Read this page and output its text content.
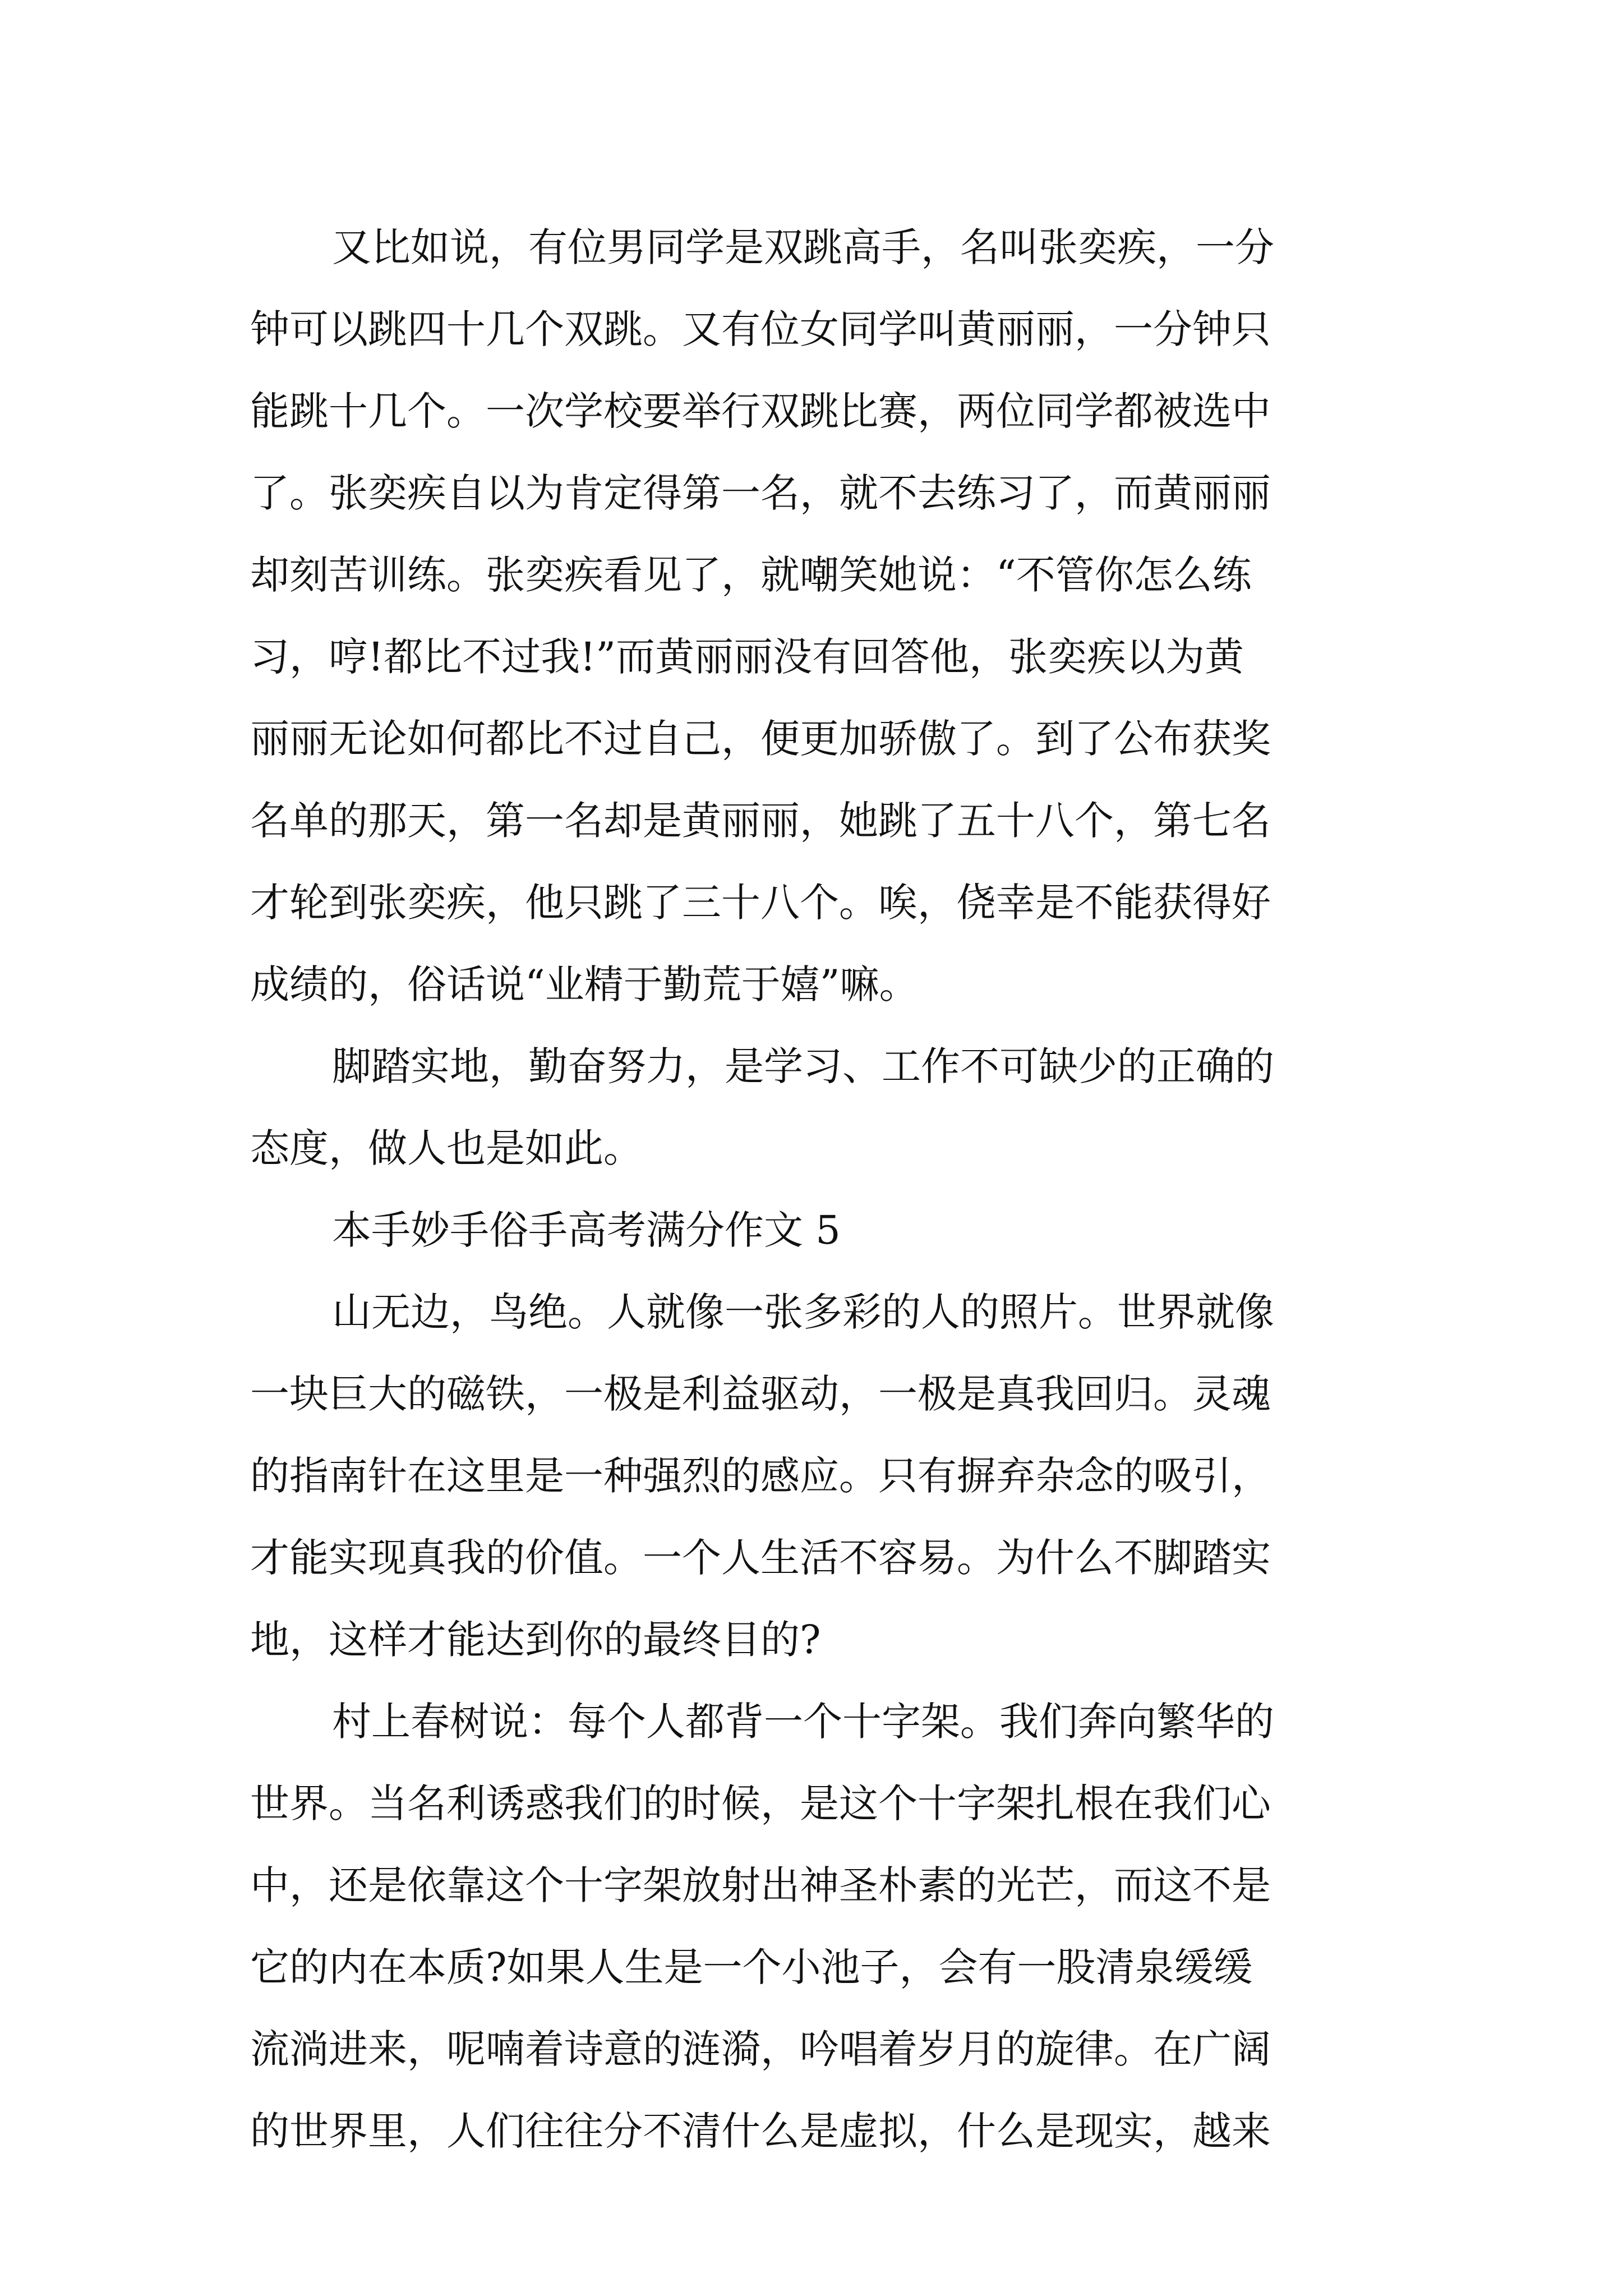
又比如说，有位男同学是双跳高手，名叫张奕疾，一分
钟可以跳四十几个双跳。又有位女同学叫黄丽丽，一分钟只
能跳十几个。一次学校要举行双跳比赛，两位同学都被选中
了。张奕疾自以为肯定得第一名，就不去练习了，而黄丽丽
却刻苦训练。张奕疾看见了，就嘲笑她说：“不管你怎么练
习，哼!都比不过我!”而黄丽丽没有回答他，张奕疾以为黄
丽丽无论如何都比不过自己，便更加骄傲了。到了公布获奖
名单的那天，第一名却是黄丽丽，她跳了五十八个，第七名
才轮到张奕疾，他只跳了三十八个。唉，侥幸是不能获得好
成绩的，俗话说“业精于勤荒于嬉”嘛。
脚踏实地，勤奋努力，是学习、工作不可缺少的正确的
态度，做人也是如此。
本手妙手俗手高考满分作文 5
山无边，鸟绝。人就像一张多彩的人的照片。世界就像
一块巨大的磁铁，一极是利益驱动，一极是真我回归。灵魂
的指南针在这里是一种强烈的感应。只有摒弃杂念的吸引，
才能实现真我的价值。一个人生活不容易。为什么不脚踏实
地，这样才能达到你的最终目的?
村上春树说：每个人都背一个十字架。我们奔向繁华的
世界。当名利诱惑我们的时候，是这个十字架扎根在我们心
中，还是依靠这个十字架放射出神圣朴素的光芒，而这不是
它的内在本质?如果人生是一个小池子，会有一股清泉缓缓
流淌进来，呢喃着诗意的涟漪，吟唱着岁月的旋律。在广阔
的世界里，人们往往分不清什么是虚拟，什么是现实，越来
